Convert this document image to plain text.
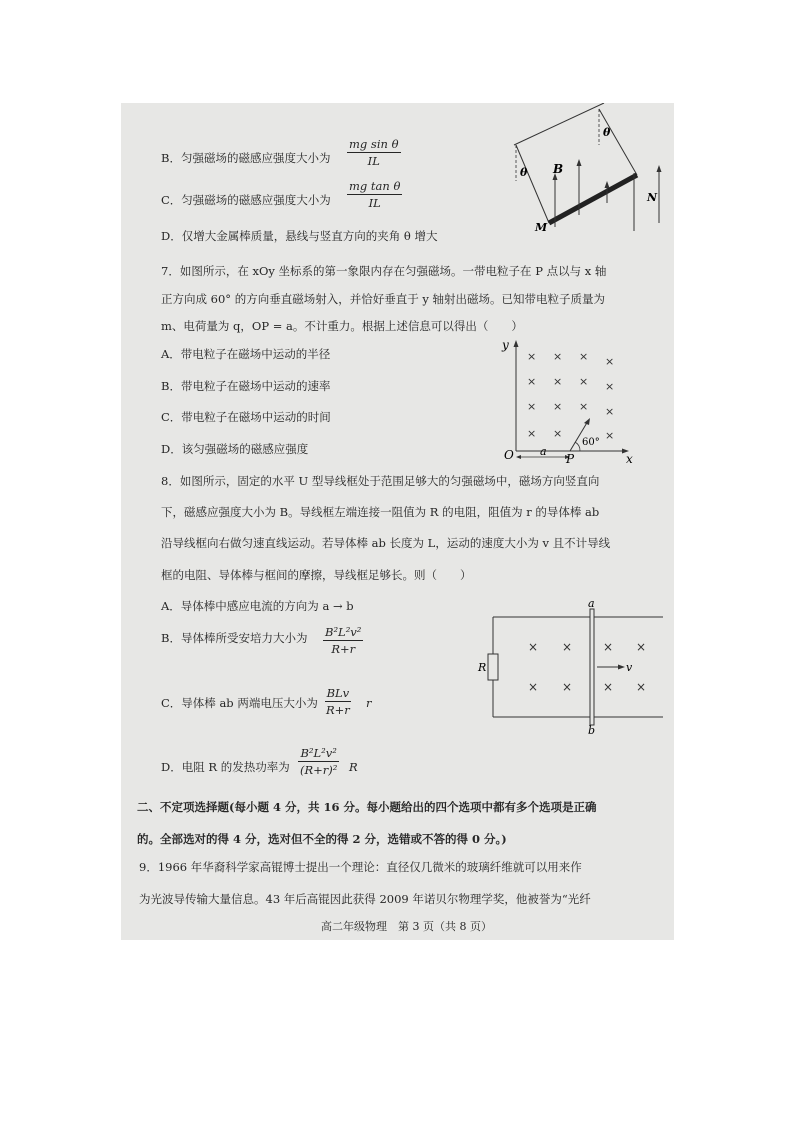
B．匀强磁场的磁感应强度大小为 $\frac{\text{mg sin θ}}{IL}$
C．匀强磁场的磁感应强度大小为 $\frac{\text{mg tan θ}}{IL}$
D．仅增大金属棒质量，悬线与竖直方向的夹角 θ 增大
θ
θ
B
M
N
7．如图所示，在 xOy 坐标系的第一象限内存在匀强磁场。一带电粒子在 P 点以与 x 轴
正方向成 60° 的方向垂直磁场射入，并恰好垂直于 y 轴射出磁场。已知带电粒子质量为
m、电荷量为 q，OP = a。不计重力。根据上述信息可以得出（　　）
A．带电粒子在磁场中运动的半径
B．带电粒子在磁场中运动的速率
C．带电粒子在磁场中运动的时间
D．该匀强磁场的磁感应强度
× × × ×
× × × ×
× × × ×
× ×	×
y
x
O	P
a
60°
8．如图所示，固定的水平 U 型导线框处于范围足够大的匀强磁场中，磁场方向竖直向
下，磁感应强度大小为 B。导线框左端连接一阻值为 R 的电阻，阻值为 r 的导体棒 ab
沿导线框向右做匀速直线运动。若导体棒 ab 长度为 L，运动的速度大小为 v 且不计导线
框的电阻、导体棒与框间的摩擦，导线框足够长。则（　　）
A．导体棒中感应电流的方向为 a → b
B．导体棒所受安培力大小为 $\frac{\text{B²L²v²}}{R+r}$
C．导体棒 ab 两端电压大小为
BLv
R+r r
D．电阻 R 的发热功率为 $\frac{\text{B²L²v²}}{\text{(R+r)²}}$ R
× ×	× ×
× ×	× ×
a
b
R	v
二、不定项选择题(每小题 4 分，共 16 分。每小题给出的四个选项中都有多个选项是正确
的。全部选对的得 4 分，选对但不全的得 2 分，选错或不答的得 0 分。)
9．1966 年华裔科学家高锟博士提出一个理论：直径仅几微米的玻璃纤维就可以用来作
为光波导传输大量信息。43 年后高锟因此获得 2009 年诺贝尔物理学奖，他被誉为“光纤
高二年级物理　第 3 页（共 8 页）
